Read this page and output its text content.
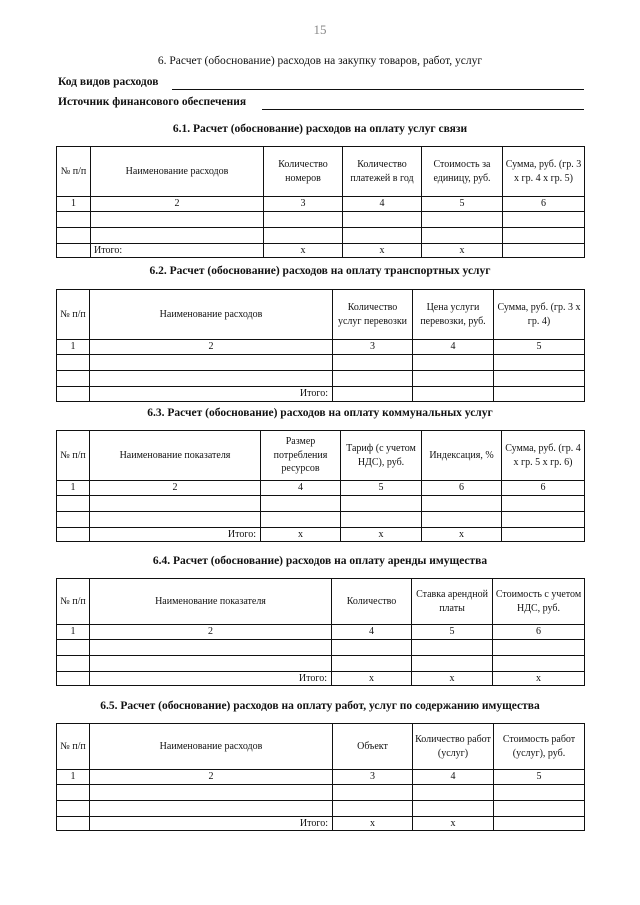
15
6. Расчет (обоснование) расходов на закупку товаров, работ, услуг
Код видов расходов
Источник финансового обеспечения
6.1. Расчет (обоснование) расходов на оплату услуг связи
№ п/п	Наименование расходов	Количество номеров	Количество платежей в год	Стоимость за единицу, руб.	Сумма, руб. (гр. 3 х гр. 4 х гр. 5)
1	2	3	4	5	6

	Итого:	x	x	x	
6.2. Расчет (обоснование) расходов на оплату транспортных услуг
№ п/п	Наименование расходов	Количество услуг перевозки	Цена услуги перевозки, руб.	Сумма, руб. (гр. 3 х гр. 4)
1	2	3	4	5

	Итого:			
6.3. Расчет (обоснование) расходов на оплату коммунальных услуг
№ п/п	Наименование показателя	Размер потребления ресурсов	Тариф (с учетом НДС), руб.	Индексация, %	Сумма, руб. (гр. 4 х гр. 5 х гр. 6)
1	2	4	5	6	6

	Итого:	x	x	x	
6.4. Расчет (обоснование) расходов на оплату аренды имущества
№ п/п	Наименование показателя	Количество	Ставка арендной платы	Стоимость с учетом НДС, руб.
1	2	4	5	6

	Итого:	x	x	x
6.5. Расчет (обоснование) расходов на оплату работ, услуг по содержанию имущества
№ п/п	Наименование расходов	Объект	Количество работ (услуг)	Стоимость работ (услуг), руб.
1	2	3	4	5

	Итого:	x	x	
